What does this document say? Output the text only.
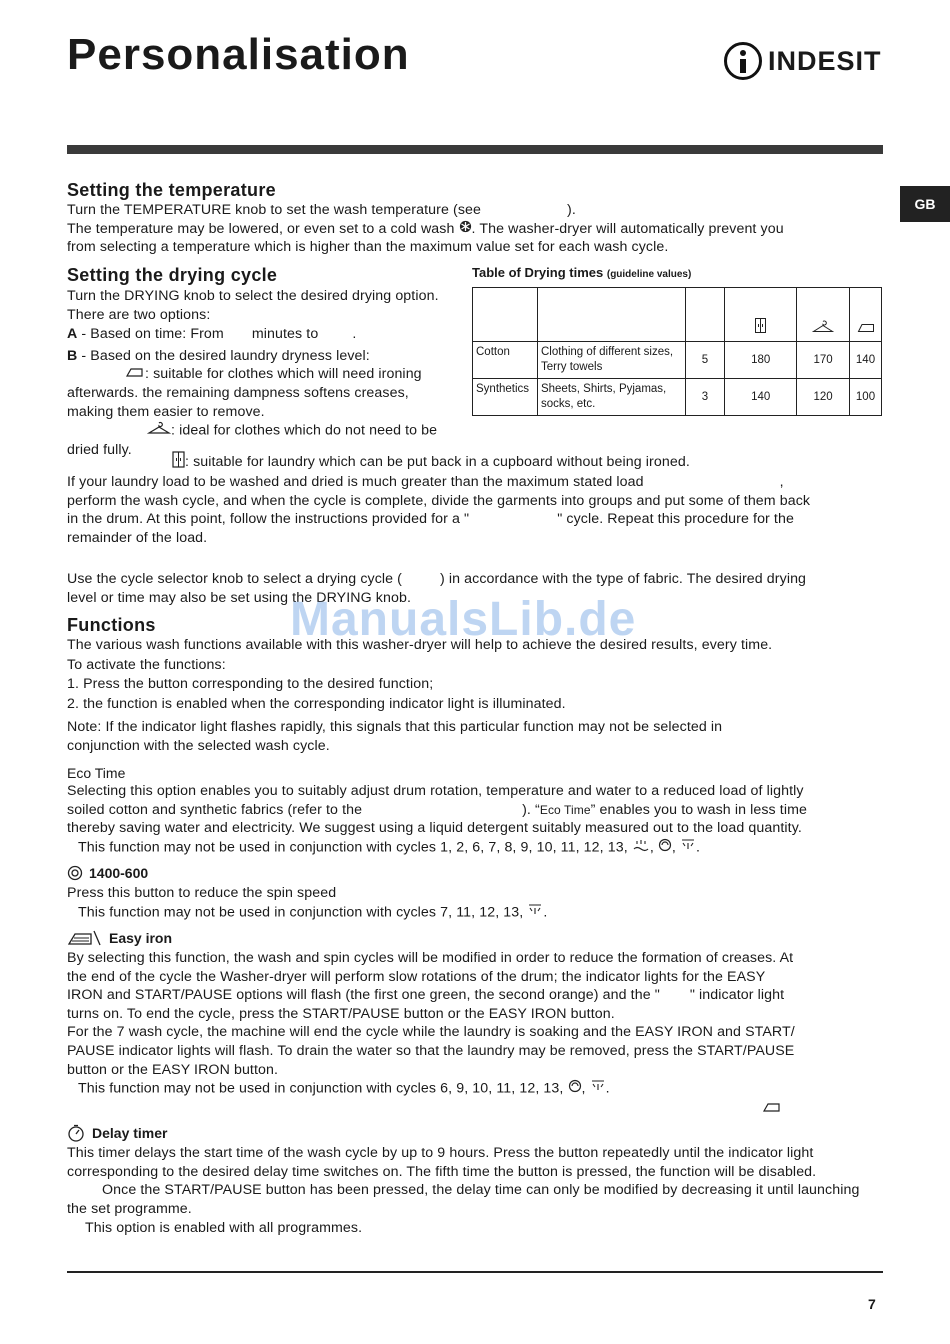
Personalisation	INDESIT
GB
Setting the temperature

Turn the TEMPERATURE knob to set the wash temperature (see	).

The temperature may be lowered, or even set to a cold wash . The washer-dryer will automatically prevent you

from selecting a temperature which is higher than the maximum value set for each wash cycle.

Setting the drying cycle

Turn the DRYING knob to select the desired drying option. There are two options:

A - Based on time: From minutes to .

B - Based on the desired laundry dryness level:

: suitable for clothes which will need ironing afterwards. the remaining dampness softens creases, making them easier to remove.

: ideal for clothes which do not need to be dried fully.

: suitable for laundry which can be put back in a cupboard without being ironed.

If your laundry load to be washed and dried is much greater than the maximum stated load	,

perform the wash cycle, and when the cycle is complete, divide the garments into groups and put some of them back

in the drum. At this point, follow the instructions provided for a "	" cycle. Repeat this procedure for the

remainder of the load.

Use the cycle selector knob to select a drying cycle (	) in accordance with the type of fabric. The desired drying

level or time may also be set using the DRYING knob.

Table of Drying times (guideline values)

Cotton	Clothing of different sizes, Terry towels	5	180	170	140
Synthetics	Sheets, Shirts, Pyjamas, socks, etc.	3	140	120	100
ManualsLib.de
Functions

The various wash functions available with this washer-dryer will help to achieve the desired results, every time.

To activate the functions:

1. Press the button corresponding to the desired function;

2. the function is enabled when the corresponding indicator light is illuminated.

Note: If the indicator light flashes rapidly, this signals that this particular function may not be selected in

conjunction with the selected wash cycle.

Eco Time

Selecting this option enables you to suitably adjust drum rotation, temperature and water to a reduced load of lightly

soiled cotton and synthetic fabrics (refer to the	). “Eco Time” enables you to wash in less time

thereby saving water and electricity. We suggest using a liquid detergent suitably measured out to the load quantity.

This function may not be used in conjunction with cycles 1, 2, 6, 7, 8, 9, 10, 11, 12, 13, , , .

1400-600

Press this button to reduce the spin speed

This function may not be used in conjunction with cycles 7, 11, 12, 13, .

Easy iron

By selecting this function, the wash and spin cycles will be modified in order to reduce the formation of creases. At

the end of the cycle the Washer-dryer will perform slow rotations of the drum; the indicator lights for the EASY

IRON and START/PAUSE options will flash (the first one green, the second orange) and the " " indicator light

turns on. To end the cycle, press the START/PAUSE button or the EASY IRON button.

For the 7 wash cycle, the machine will end the cycle while the laundry is soaking and the EASY IRON and START/

PAUSE indicator lights will flash. To drain the water so that the laundry may be removed, press the START/PAUSE

button or the EASY IRON button.

This function may not be used in conjunction with cycles 6, 9, 10, 11, 12, 13, , .

Delay timer

This timer delays the start time of the wash cycle by up to 9 hours. Press the button repeatedly until the indicator light

corresponding to the desired delay time switches on. The fifth time the button is pressed, the function will be disabled.

Once the START/PAUSE button has been pressed, the delay time can only be modified by decreasing it until launching

the set programme.

This option is enabled with all programmes.

7
